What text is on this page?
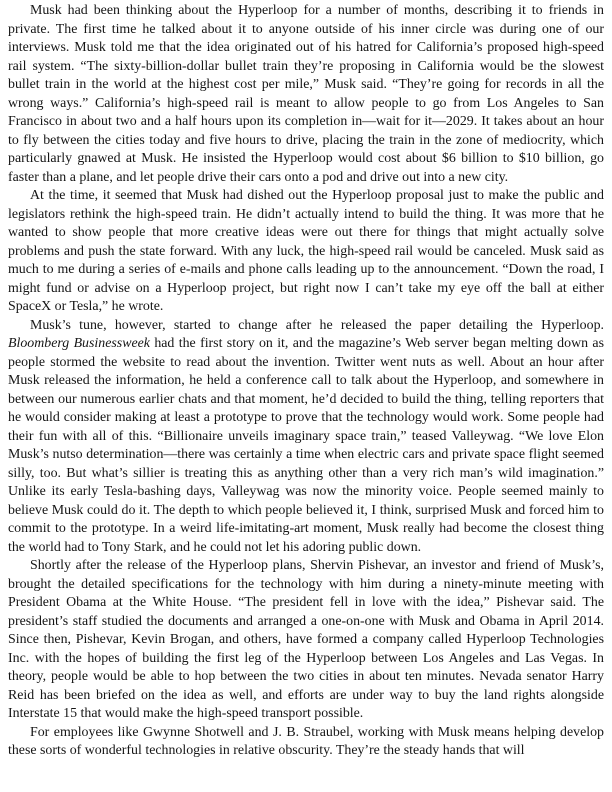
Musk had been thinking about the Hyperloop for a number of months, describing it to friends in private. The first time he talked about it to anyone outside of his inner circle was during one of our interviews. Musk told me that the idea originated out of his hatred for California’s proposed high-speed rail system. “The sixty-billion-dollar bullet train they’re proposing in California would be the slowest bullet train in the world at the highest cost per mile,” Musk said. “They’re going for records in all the wrong ways.” California’s high-speed rail is meant to allow people to go from Los Angeles to San Francisco in about two and a half hours upon its completion in—wait for it—2029. It takes about an hour to fly between the cities today and five hours to drive, placing the train in the zone of mediocrity, which particularly gnawed at Musk. He insisted the Hyperloop would cost about $6 billion to $10 billion, go faster than a plane, and let people drive their cars onto a pod and drive out into a new city.

At the time, it seemed that Musk had dished out the Hyperloop proposal just to make the public and legislators rethink the high-speed train. He didn’t actually intend to build the thing. It was more that he wanted to show people that more creative ideas were out there for things that might actually solve problems and push the state forward. With any luck, the high-speed rail would be canceled. Musk said as much to me during a series of e-mails and phone calls leading up to the announcement. “Down the road, I might fund or advise on a Hyperloop project, but right now I can’t take my eye off the ball at either SpaceX or Tesla,” he wrote.

Musk’s tune, however, started to change after he released the paper detailing the Hyperloop. Bloomberg Businessweek had the first story on it, and the magazine’s Web server began melting down as people stormed the website to read about the invention. Twitter went nuts as well. About an hour after Musk released the information, he held a conference call to talk about the Hyperloop, and somewhere in between our numerous earlier chats and that moment, he’d decided to build the thing, telling reporters that he would consider making at least a prototype to prove that the technology would work. Some people had their fun with all of this. “Billionaire unveils imaginary space train,” teased Valleywag. “We love Elon Musk’s nutso determination—there was certainly a time when electric cars and private space flight seemed silly, too. But what’s sillier is treating this as anything other than a very rich man’s wild imagination.” Unlike its early Tesla-bashing days, Valleywag was now the minority voice. People seemed mainly to believe Musk could do it. The depth to which people believed it, I think, surprised Musk and forced him to commit to the prototype. In a weird life-imitating-art moment, Musk really had become the closest thing the world had to Tony Stark, and he could not let his adoring public down.

Shortly after the release of the Hyperloop plans, Shervin Pishevar, an investor and friend of Musk’s, brought the detailed specifications for the technology with him during a ninety-minute meeting with President Obama at the White House. “The president fell in love with the idea,” Pishevar said. The president’s staff studied the documents and arranged a one-on-one with Musk and Obama in April 2014. Since then, Pishevar, Kevin Brogan, and others, have formed a company called Hyperloop Technologies Inc. with the hopes of building the first leg of the Hyperloop between Los Angeles and Las Vegas. In theory, people would be able to hop between the two cities in about ten minutes. Nevada senator Harry Reid has been briefed on the idea as well, and efforts are under way to buy the land rights alongside Interstate 15 that would make the high-speed transport possible.

For employees like Gwynne Shotwell and J. B. Straubel, working with Musk means helping develop these sorts of wonderful technologies in relative obscurity. They’re the steady hands that will
